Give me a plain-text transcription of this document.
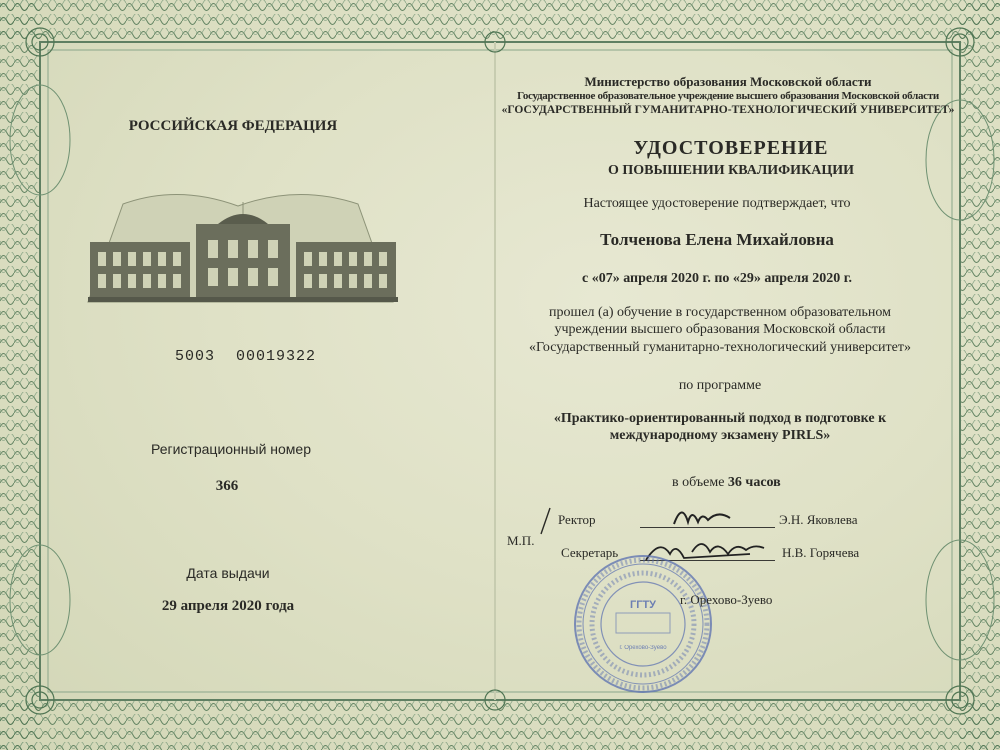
РОССИЙСКАЯ ФЕДЕРАЦИЯ
5003 00019322
Регистрационный номер
366
Дата выдачи
29 апреля 2020 года
Министерство образования Московской области
Государственное образовательное учреждение высшего образования Московской области
«ГОСУДАРСТВЕННЫЙ ГУМАНИТАРНО-ТЕХНОЛОГИЧЕСКИЙ УНИВЕРСИТЕТ»
УДОСТОВЕРЕНИЕ
О ПОВЫШЕНИИ КВАЛИФИКАЦИИ
Настоящее удостоверение подтверждает, что
Толченова Елена Михайловна
с «07» апреля 2020 г. по «29» апреля 2020 г.
прошел (а) обучение в государственном образовательном
учреждении высшего образования Московской области
«Государственный гуманитарно-технологический университет»
по программе
«Практико-ориентированный подход в подготовке к
международному экзамену PIRLS»
в объеме 36 часов
М.П.
Ректор	Э.Н. Яковлева
Секретарь	Н.В. Горячева
ГГТУ
г. Орехово-Зуево
г. Орехово-Зуево
